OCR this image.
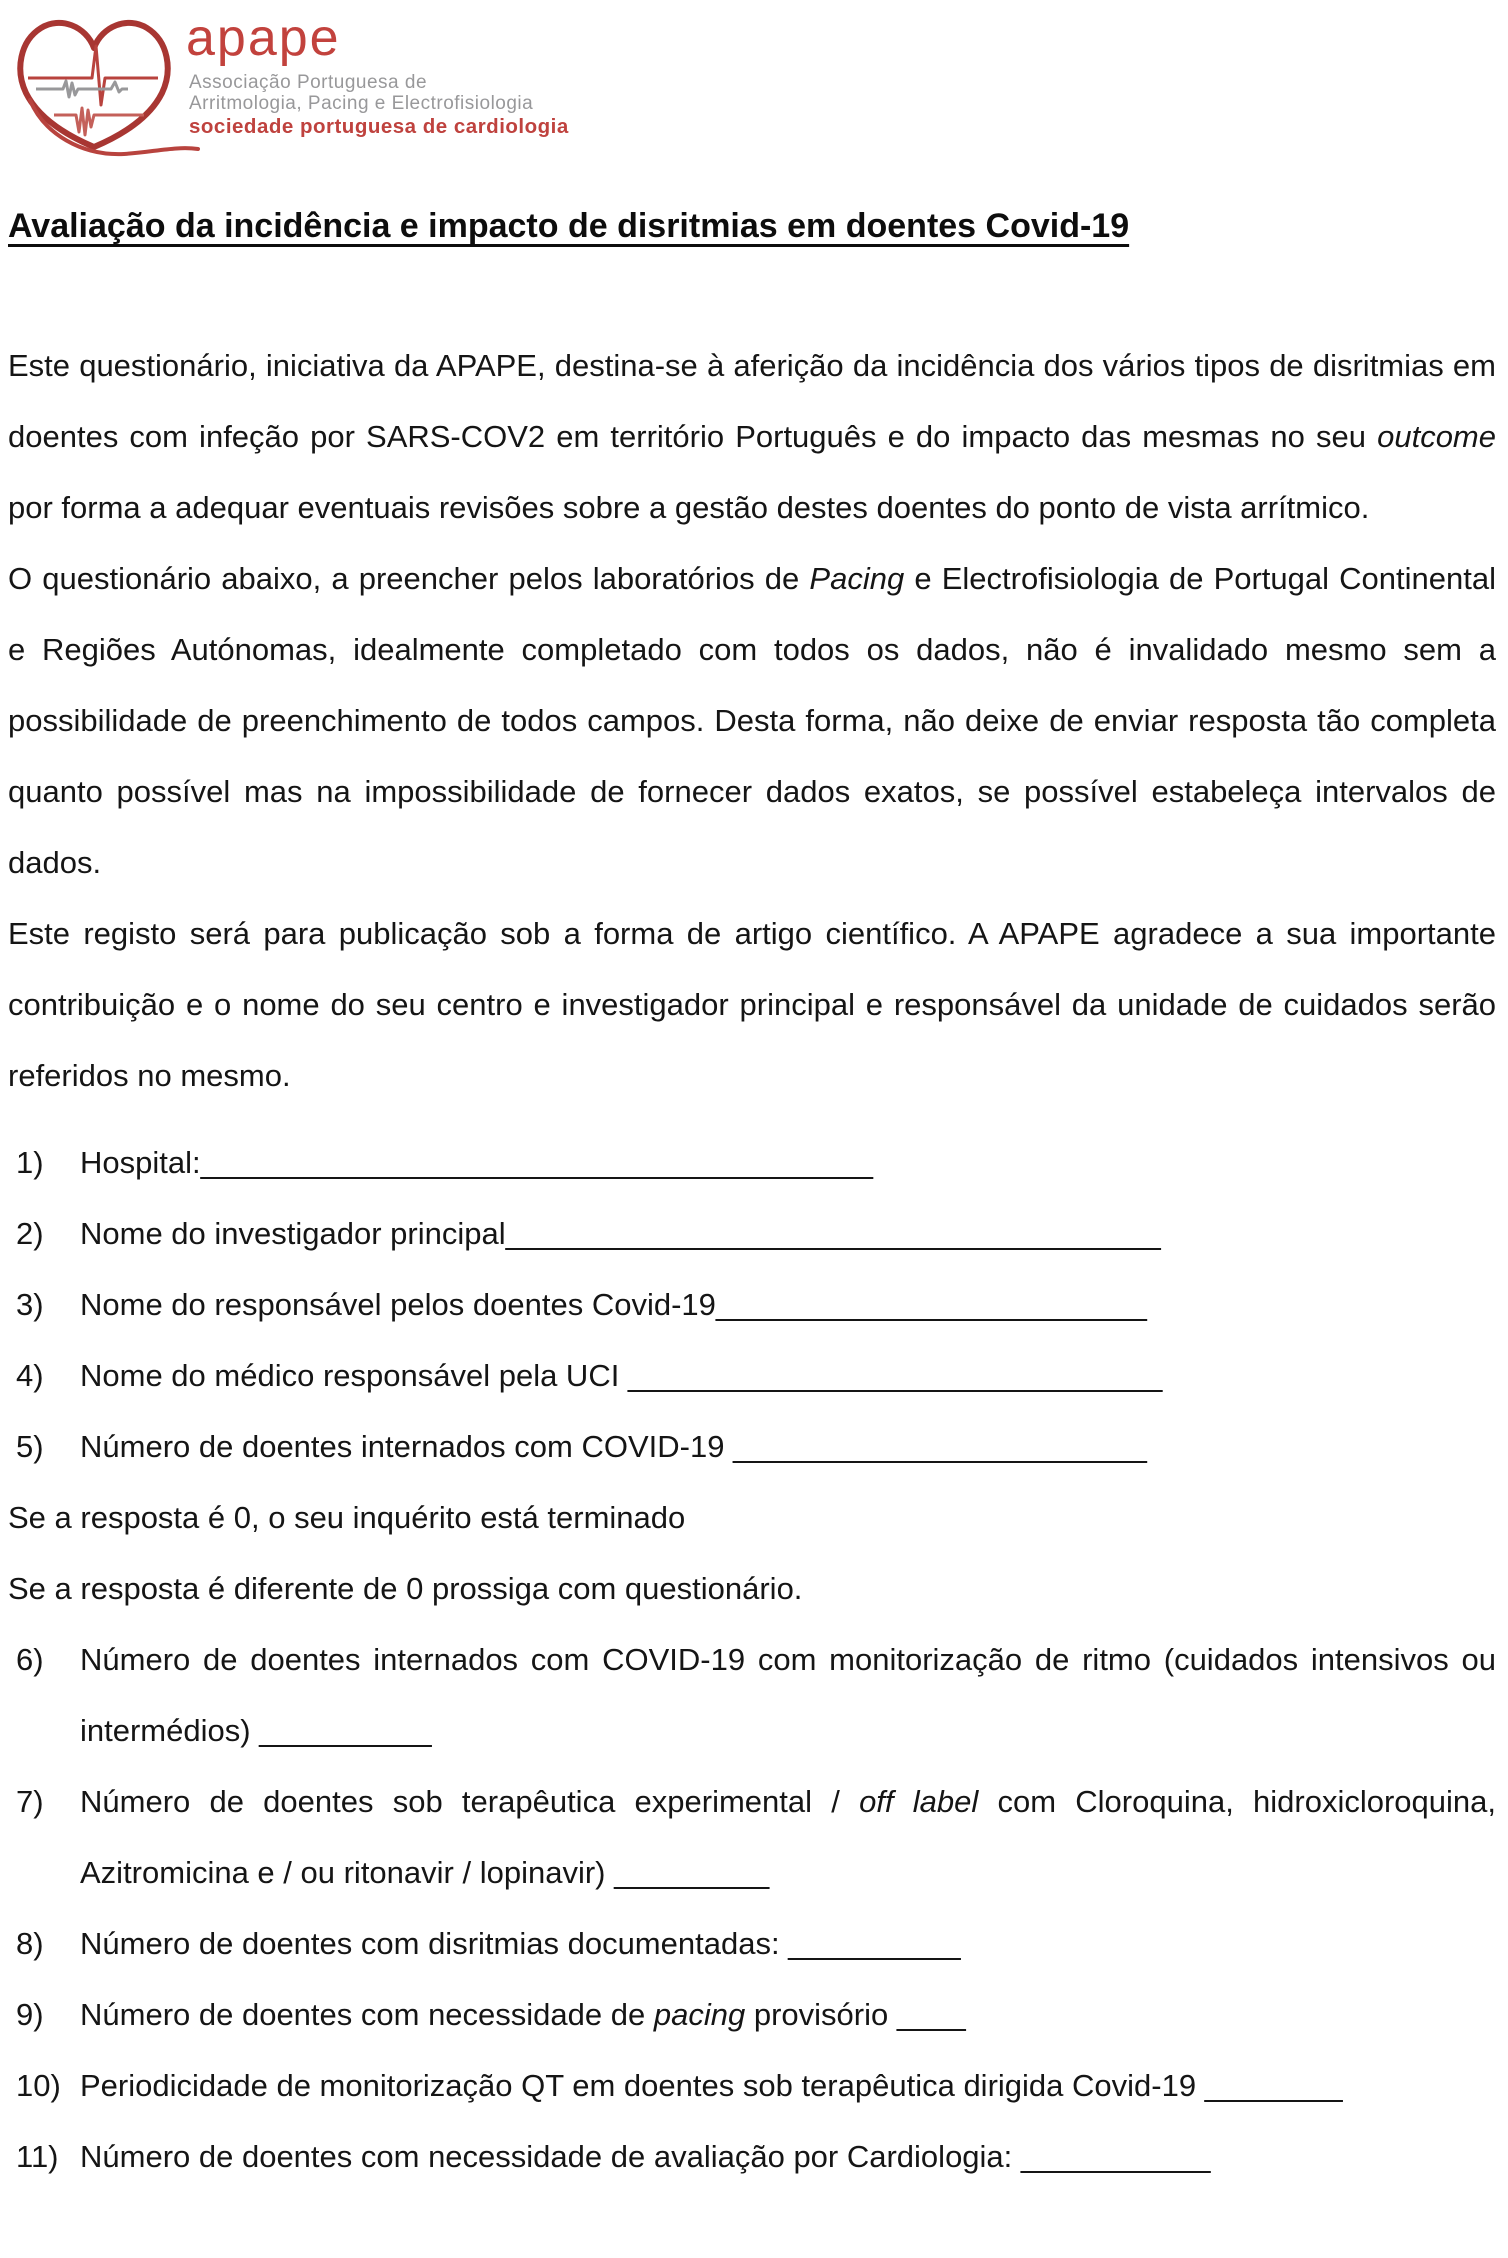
apape
Associação Portuguesa de
Arritmologia, Pacing e Electrofisiologia
sociedade portuguesa de cardiologia
Avaliação da incidência e impacto de disritmias em doentes Covid-19

Este questionário, iniciativa da APAPE, destina-se à aferição da incidência dos vários tipos de disritmias em doentes com infeção por SARS-COV2 em território Português e do impacto das mesmas no seu outcome por forma a adequar eventuais revisões sobre a gestão destes doentes do ponto de vista arrítmico.

O questionário abaixo, a preencher pelos laboratórios de Pacing e Electrofisiologia de Portugal Continental e Regiões Autónomas, idealmente completado com todos os dados, não é invalidado mesmo sem a possibilidade de preenchimento de todos campos. Desta forma, não deixe de enviar resposta tão completa quanto possível mas na impossibilidade de fornecer dados exatos, se possível estabeleça intervalos de dados.

Este registo será para publicação sob a forma de artigo científico. A APAPE agradece a sua importante contribuição e o nome do seu centro e investigador principal e responsável da unidade de cuidados serão referidos no mesmo.

1) Hospital:_______________________________________
2) Nome do investigador principal______________________________________
3) Nome do responsável pelos doentes Covid-19_________________________
4) Nome do médico responsável pela UCI _______________________________
5) Número de doentes internados com COVID-19 ________________________

Se a resposta é 0, o seu inquérito está terminado

Se a resposta é diferente de 0 prossiga com questionário.

6) Número de doentes internados com COVID-19 com monitorização de ritmo (cuidados intensivos ou intermédios) __________
7) Número de doentes sob terapêutica experimental / off label com Cloroquina, hidroxicloroquina, Azitromicina e / ou ritonavir / lopinavir) _________
8) Número de doentes com disritmias documentadas: __________
9) Número de doentes com necessidade de pacing provisório ____
10) Periodicidade de monitorização QT em doentes sob terapêutica dirigida Covid-19 ________
11) Número de doentes com necessidade de avaliação por Cardiologia: ___________
